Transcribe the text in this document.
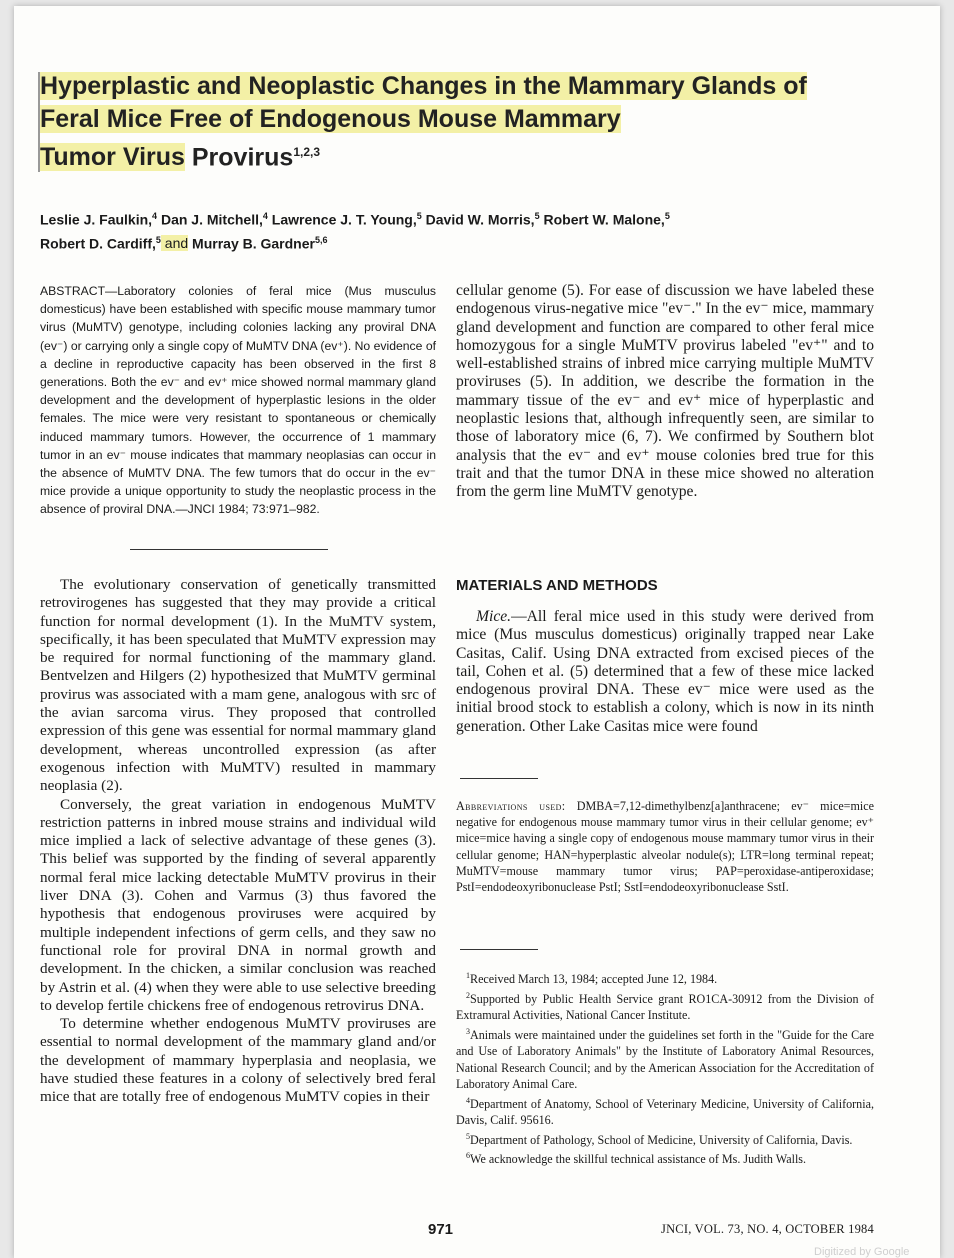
Hyperplastic and Neoplastic Changes in the Mammary Glands of
Feral Mice Free of Endogenous Mouse Mammary
Tumor Virus Provirus$^{1,2,3}$
Leslie J. Faulkin,$^4$ Dan J. Mitchell,$^4$ Lawrence J. T. Young,$^5$ David W. Morris,$^5$ Robert W. Malone,$^5$
Robert D. Cardiff,$^5$ and Murray B. Gardner$^{5,6}$
ABSTRACT—Laboratory colonies of feral mice (Mus musculus domesticus) have been established with specific mouse mammary tumor virus (MuMTV) genotype, including colonies lacking any proviral DNA (ev⁻) or carrying only a single copy of MuMTV DNA (ev⁺). No evidence of a decline in reproductive capacity has been observed in the first 8 generations. Both the ev⁻ and ev⁺ mice showed normal mammary gland development and the development of hyperplastic lesions in the older females. The mice were very resistant to spontaneous or chemically induced mammary tumors. However, the occurrence of 1 mammary tumor in an ev⁻ mouse indicates that mammary neoplasias can occur in the absence of MuMTV DNA. The few tumors that do occur in the ev⁻ mice provide a unique opportunity to study the neoplastic process in the absence of proviral DNA.—JNCI 1984; 73:971–982.

The evolutionary conservation of genetically transmitted retrovirogenes has suggested that they may provide a critical function for normal development (1). In the MuMTV system, specifically, it has been speculated that MuMTV expression may be required for normal functioning of the mammary gland. Bentvelzen and Hilgers (2) hypothesized that MuMTV germinal provirus was associated with a mam gene, analogous with src of the avian sarcoma virus. They proposed that controlled expression of this gene was essential for normal mammary gland development, whereas uncontrolled expression (as after exogenous infection with MuMTV) resulted in mammary neoplasia (2).

Conversely, the great variation in endogenous MuMTV restriction patterns in inbred mouse strains and individual wild mice implied a lack of selective advantage of these genes (3). This belief was supported by the finding of several apparently normal feral mice lacking detectable MuMTV provirus in their liver DNA (3). Cohen and Varmus (3) thus favored the hypothesis that endogenous proviruses were acquired by multiple independent infections of germ cells, and they saw no functional role for proviral DNA in normal growth and development. In the chicken, a similar conclusion was reached by Astrin et al. (4) when they were able to use selective breeding to develop fertile chickens free of endogenous retrovirus DNA.

To determine whether endogenous MuMTV proviruses are essential to normal development of the mammary gland and/or the development of mammary hyperplasia and neoplasia, we have studied these features in a colony of selectively bred feral mice that are totally free of endogenous MuMTV copies in their

cellular genome (5). For ease of discussion we have labeled these endogenous virus-negative mice "ev⁻." In the ev⁻ mice, mammary gland development and function are compared to other feral mice homozygous for a single MuMTV provirus labeled "ev⁺" and to well-established strains of inbred mice carrying multiple MuMTV proviruses (5). In addition, we describe the formation in the mammary tissue of the ev⁻ and ev⁺ mice of hyperplastic and neoplastic lesions that, although infrequently seen, are similar to those of laboratory mice (6, 7). We confirmed by Southern blot analysis that the ev⁻ and ev⁺ mouse colonies bred true for this trait and that the tumor DNA in these mice showed no alteration from the germ line MuMTV genotype.

MATERIALS AND METHODS

Mice.—All feral mice used in this study were derived from mice (Mus musculus domesticus) originally trapped near Lake Casitas, Calif. Using DNA extracted from excised pieces of the tail, Cohen et al. (5) determined that a few of these mice lacked endogenous proviral DNA. These ev⁻ mice were used as the initial brood stock to establish a colony, which is now in its ninth generation. Other Lake Casitas mice were found

Abbreviations used: DMBA=7,12-dimethylbenz[a]anthracene; ev⁻ mice=mice negative for endogenous mouse mammary tumor virus in their cellular genome; ev⁺ mice=mice having a single copy of endogenous mouse mammary tumor virus in their cellular genome; HAN=hyperplastic alveolar nodule(s); LTR=long terminal repeat; MuMTV=mouse mammary tumor virus; PAP=peroxidase-antiperoxidase; PstI=endodeoxyribonuclease PstI; SstI=endodeoxyribonuclease SstI.

$^1$Received March 13, 1984; accepted June 12, 1984.

$^2$Supported by Public Health Service grant RO1CA-30912 from the Division of Extramural Activities, National Cancer Institute.

$^3$Animals were maintained under the guidelines set forth in the "Guide for the Care and Use of Laboratory Animals" by the Institute of Laboratory Animal Resources, National Research Council; and by the American Association for the Accreditation of Laboratory Animal Care.

$^4$Department of Anatomy, School of Veterinary Medicine, University of California, Davis, Calif. 95616.

$^5$Department of Pathology, School of Medicine, University of California, Davis.

$^6$We acknowledge the skillful technical assistance of Ms. Judith Walls.

971	JNCI, VOL. 73, NO. 4, OCTOBER 1984
Digitized by Google
